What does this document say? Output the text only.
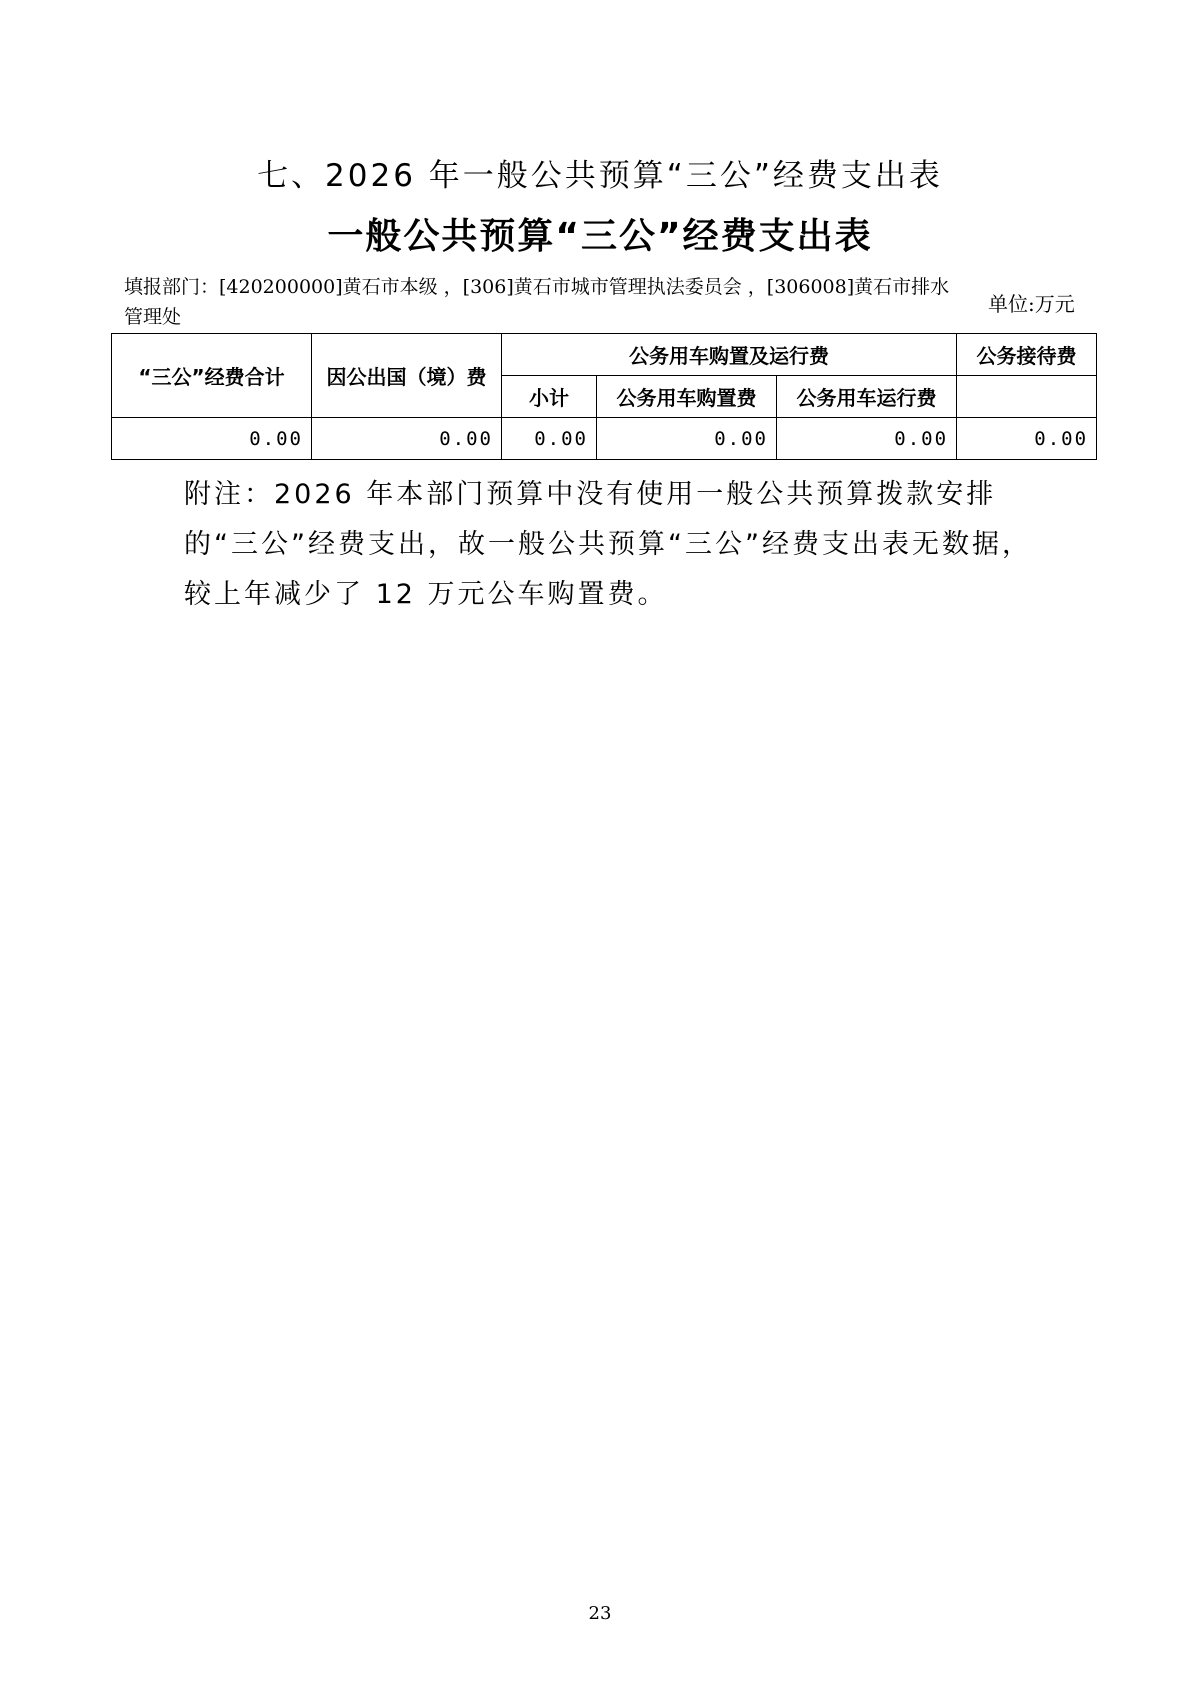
七、2026 年一般公共预算“三公”经费支出表
一般公共预算“三公”经费支出表
填报部门：[420200000]黄石市本级 ，[306]黄石市城市管理执法委员会 ，[306008]黄石市排水管理处
单位:万元
“三公”经费合计	因公出国（境）费	公务用车购置及运行费			公务接待费
		小计	公务用车购置费	公务用车运行费	
0.00	0.00	0.00	0.00	0.00	0.00
附注：2026 年本部门预算中没有使用一般公共预算拨款安排的“三公”经费支出，故一般公共预算“三公”经费支出表无数据，较上年减少了 12 万元公车购置费。
23
